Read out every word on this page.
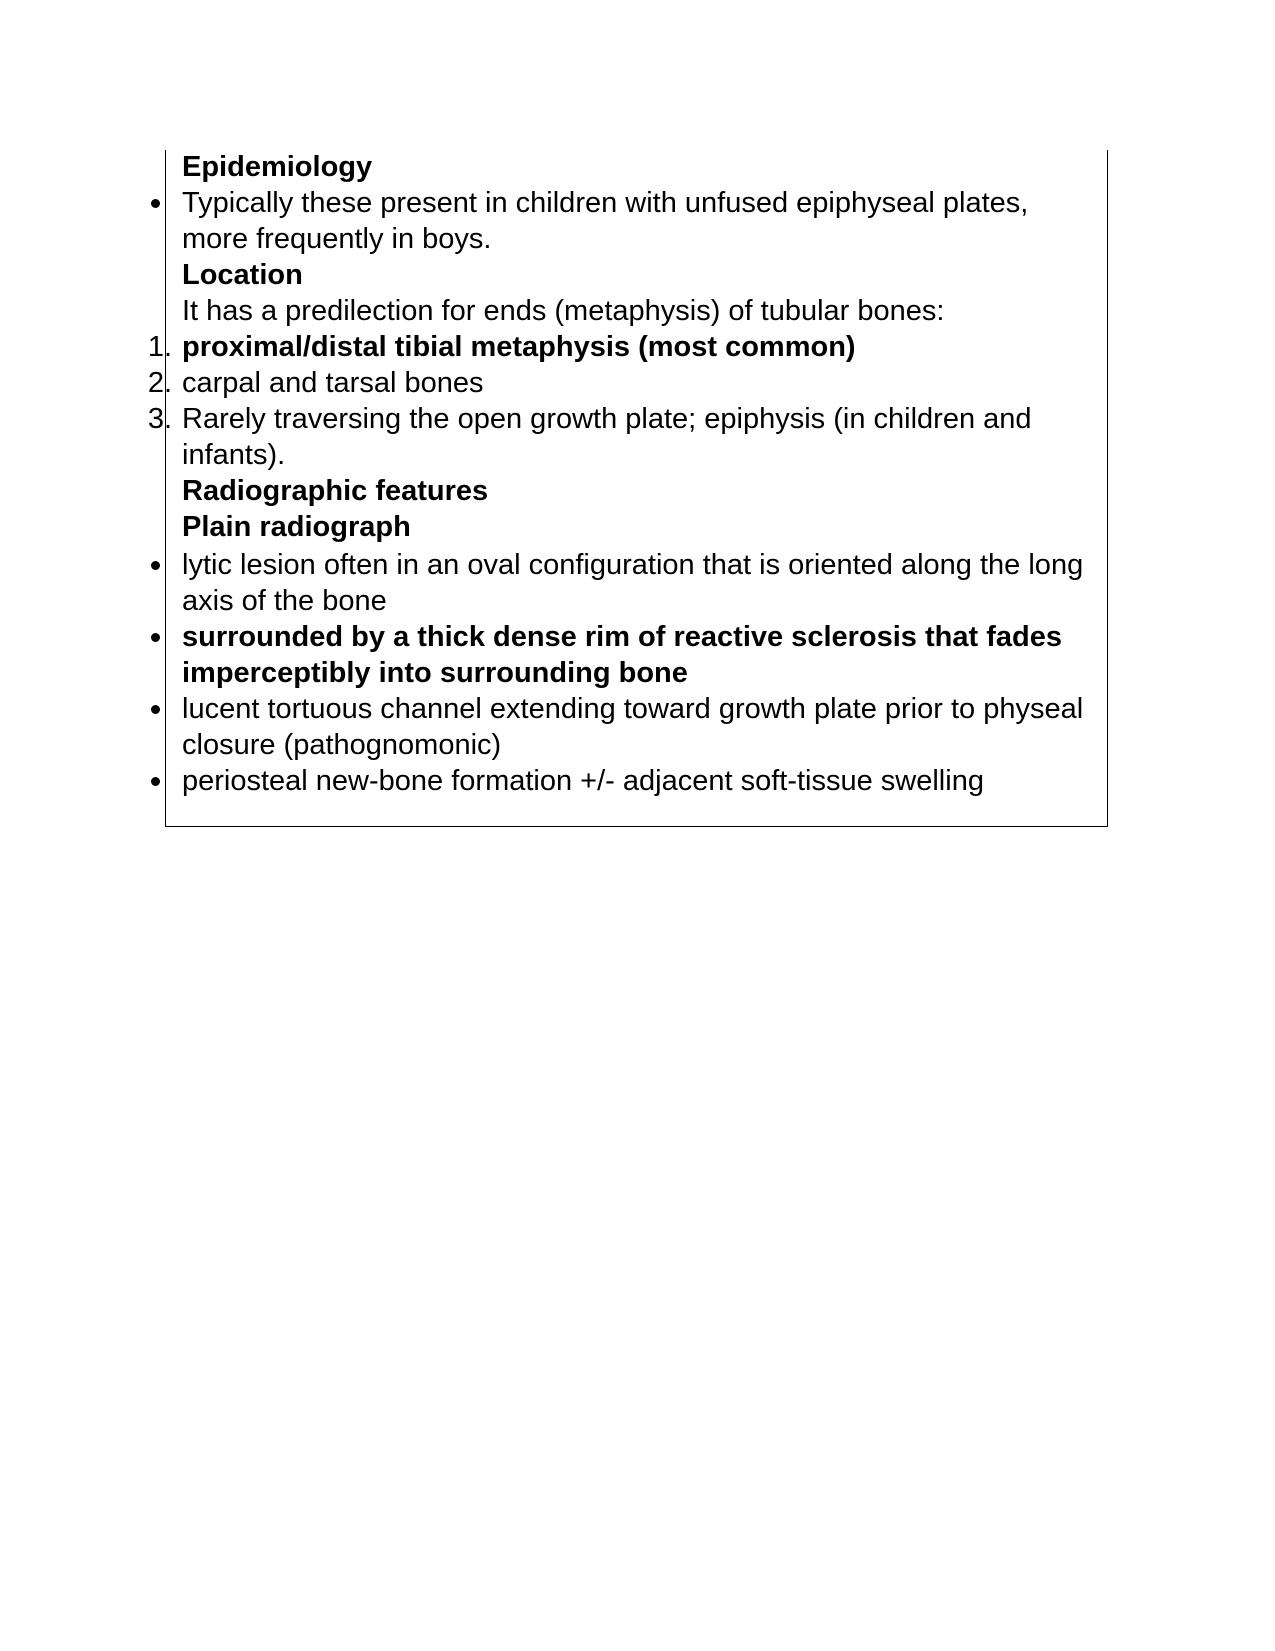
Epidemiology

Typically these present in children with unfused epiphyseal plates, more frequently in boys.

Location

It has a predilection for ends (metaphysis) of tubular bones:

1. proximal/distal tibial metaphysis (most common)
2. carpal and tarsal bones
3. Rarely traversing the open growth plate; epiphysis (in children and infants).

Radiographic features

Plain radiograph

lytic lesion often in an oval configuration that is oriented along the long axis of the bone
surrounded by a thick dense rim of reactive sclerosis that fades imperceptibly into surrounding bone
lucent tortuous channel extending toward growth plate prior to physeal closure (pathognomonic)
periosteal new-bone formation +/- adjacent soft-tissue swelling
